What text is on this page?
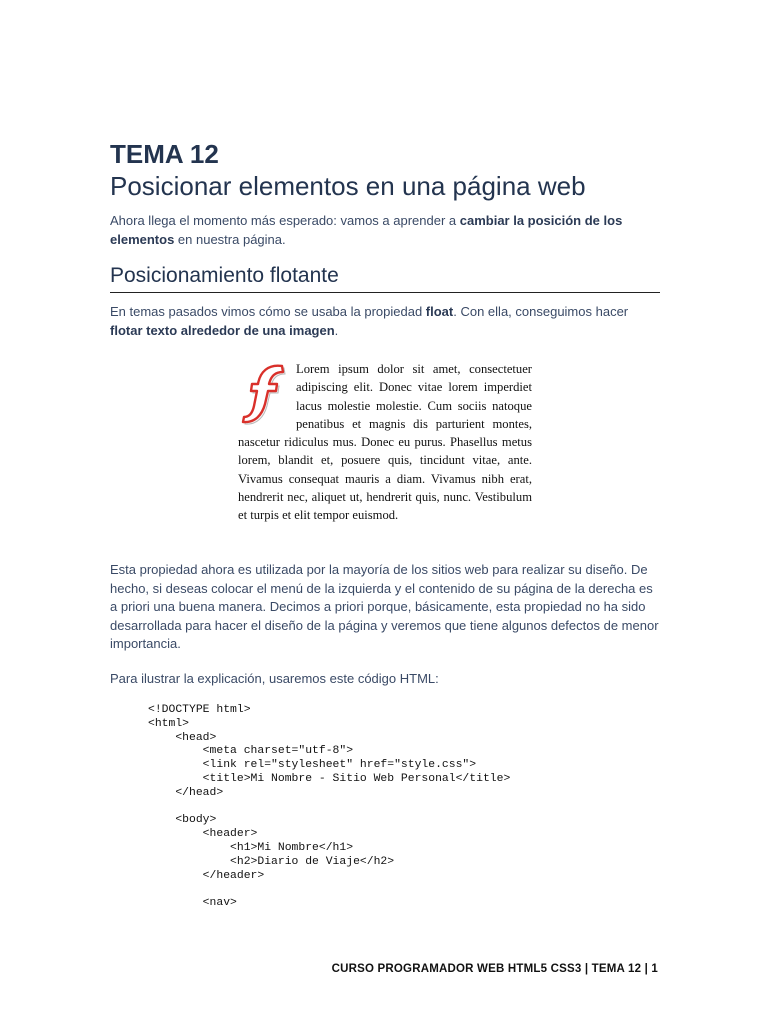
TEMA 12
Posicionar elementos en una página web

Ahora llega el momento más esperado: vamos a aprender a cambiar la posición de los elementos en nuestra página.

Posicionamiento flotante

En temas pasados vimos cómo se usaba la propiedad float. Con ella, conseguimos hacer flotar texto alrededor de una imagen.

Lorem ipsum dolor sit amet, consectetuer adipiscing elit. Donec vitae lorem imperdiet lacus molestie molestie. Cum sociis natoque penatibus et magnis dis parturient montes, nascetur ridiculus mus. Donec eu purus. Phasellus metus lorem, blandit et, posuere quis, tincidunt vitae, ante. Vivamus consequat mauris a diam. Vivamus nibh erat, hendrerit nec, aliquet ut, hendrerit quis, nunc. Vestibulum et turpis et elit tempor euismod.

Esta propiedad ahora es utilizada por la mayoría de los sitios web para realizar su diseño. De hecho, si deseas colocar el menú de la izquierda y el contenido de su página de la derecha es a priori una buena manera. Decimos a priori porque, básicamente, esta propiedad no ha sido desarrollada para hacer el diseño de la página y veremos que tiene algunos defectos de menor importancia.

Para ilustrar la explicación, usaremos este código HTML:

<!DOCTYPE html>
<html>
<head>
<meta charset="utf-8">
<link rel="stylesheet" href="style.css">
<title>Mi Nombre - Sitio Web Personal</title>
</head>

<body>
<header>
<h1>Mi Nombre</h1>
<h2>Diario de Viaje</h2>
</header>

<nav>
CURSO PROGRAMADOR WEB HTML5 CSS3 | TEMA 12 | 1
